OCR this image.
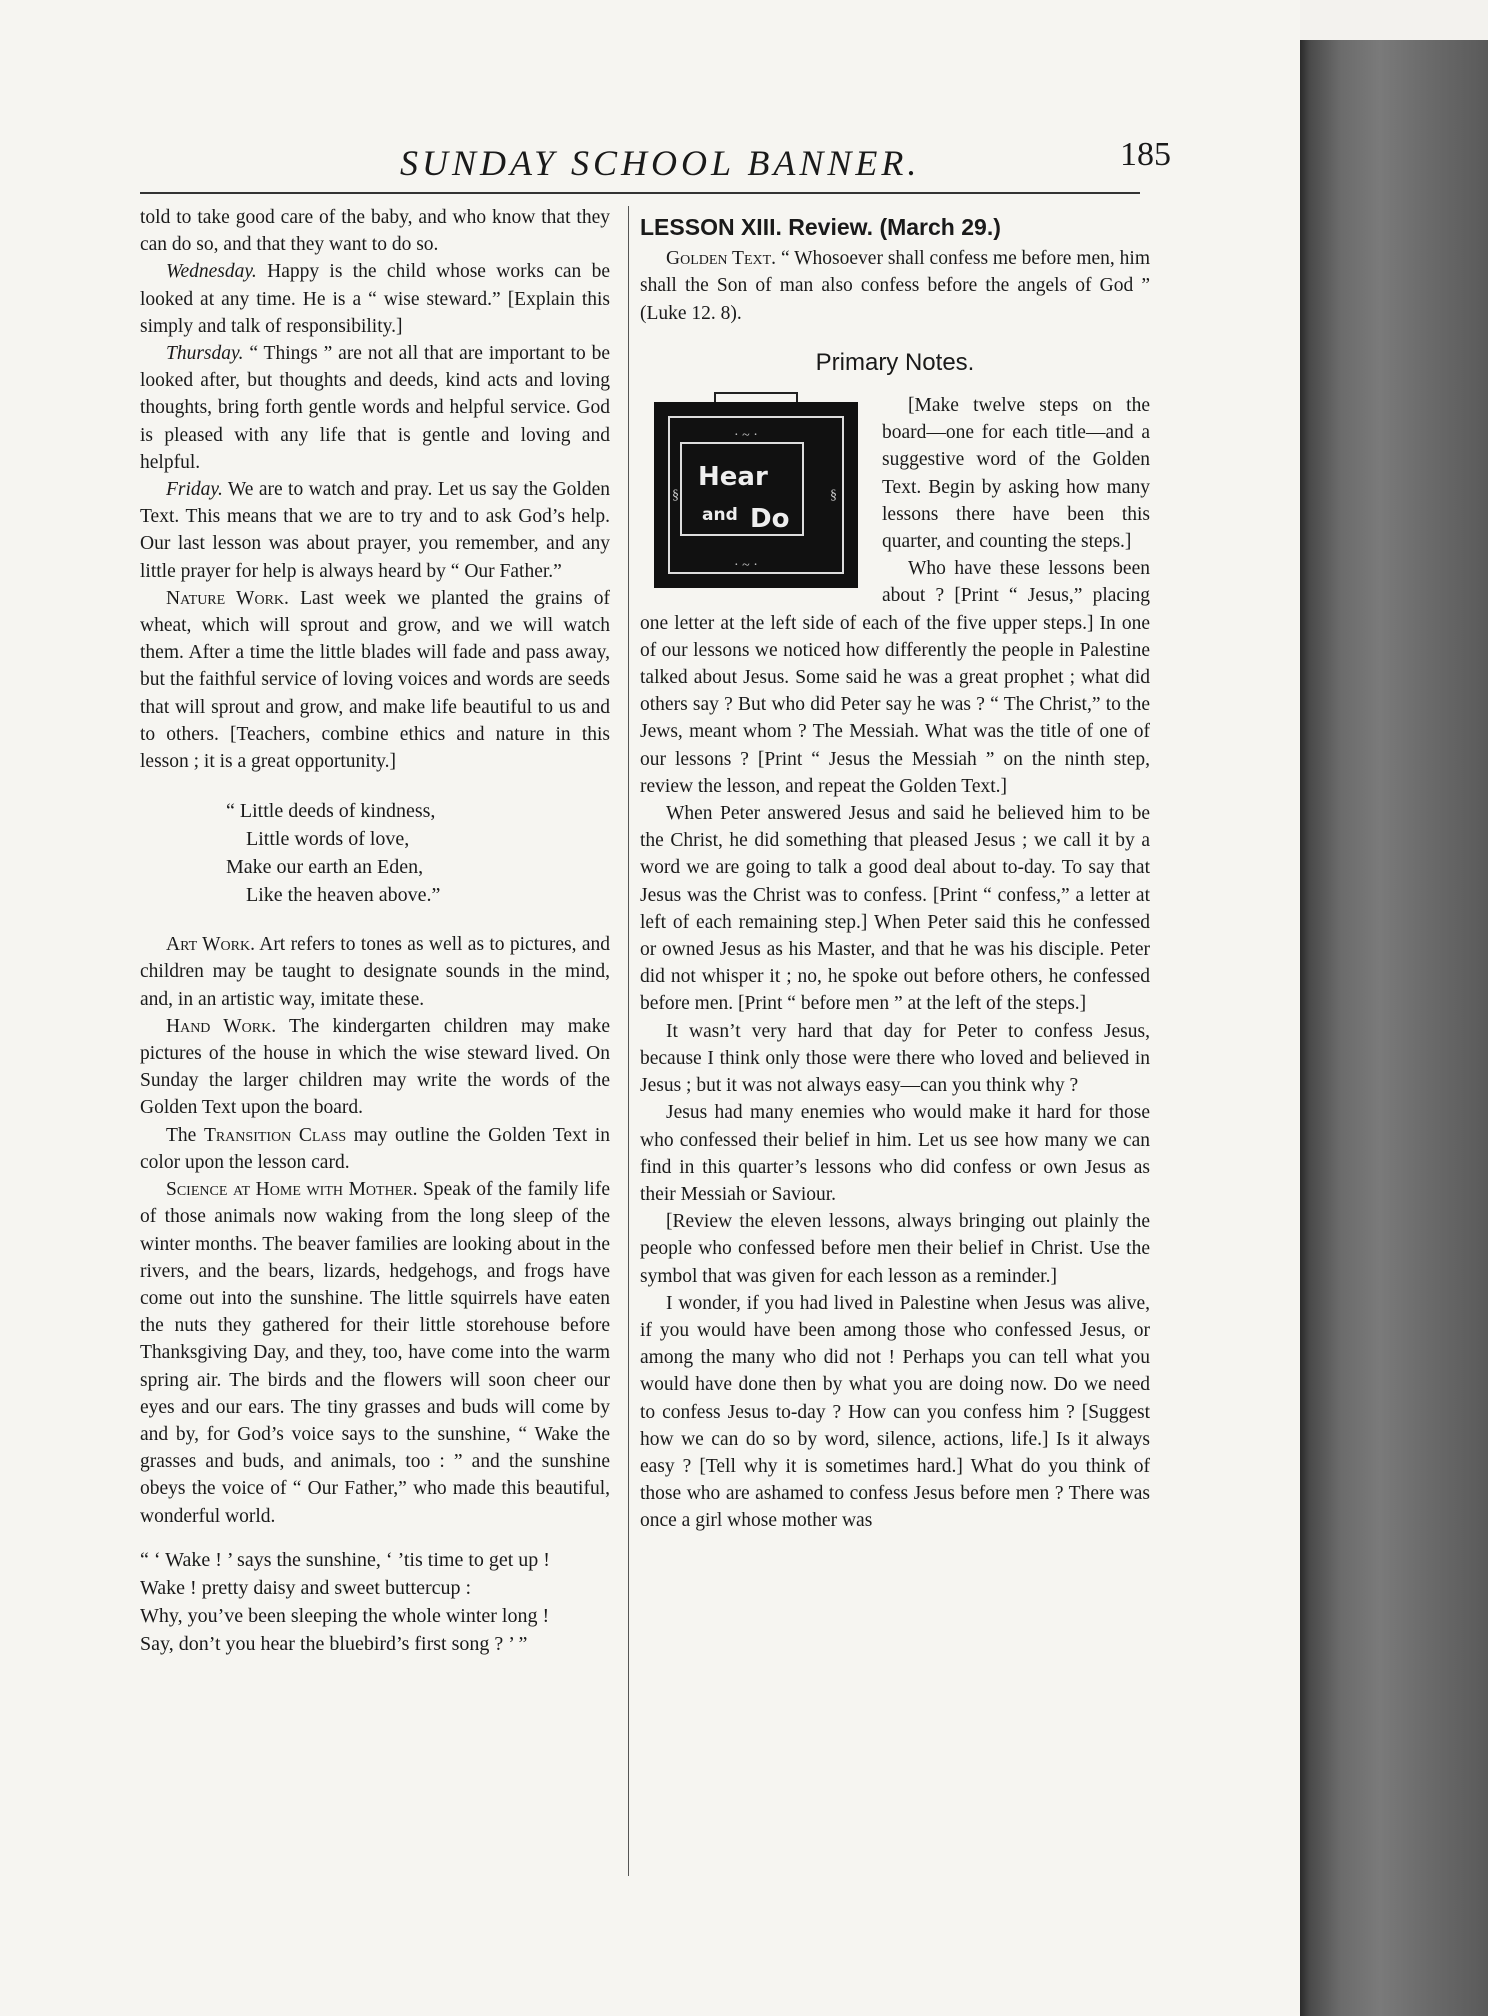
SUNDAY SCHOOL BANNER.	185

told to take good care of the baby, and who know that they can do so, and that they want to do so.

Wednesday. Happy is the child whose works can be looked at any time. He is a “ wise steward.” [Explain this simply and talk of responsibility.]

Thursday. “ Things ” are not all that are important to be looked after, but thoughts and deeds, kind acts and loving thoughts, bring forth gentle words and helpful service. God is pleased with any life that is gentle and loving and helpful.

Friday. We are to watch and pray. Let us say the Golden Text. This means that we are to try and to ask God’s help. Our last lesson was about prayer, you remember, and any little prayer for help is always heard by “ Our Father.”

Nature Work. Last week we planted the grains of wheat, which will sprout and grow, and we will watch them. After a time the little blades will fade and pass away, but the faithful service of loving voices and words are seeds that will sprout and grow, and make life beautiful to us and to others. [Teachers, combine ethics and nature in this lesson ; it is a great opportunity.]

“ Little deeds of kindness,
Little words of love,
Make our earth an Eden,
Like the heaven above.”

Art Work. Art refers to tones as well as to pictures, and children may be taught to designate sounds in the mind, and, in an artistic way, imitate these.

Hand Work. The kindergarten children may make pictures of the house in which the wise steward lived. On Sunday the larger children may write the words of the Golden Text upon the board.

The Transition Class may outline the Golden Text in color upon the lesson card.

Science at Home with Mother. Speak of the family life of those animals now waking from the long sleep of the winter months. The beaver families are looking about in the rivers, and the bears, lizards, hedgehogs, and frogs have come out into the sunshine. The little squirrels have eaten the nuts they gathered for their little storehouse before Thanksgiving Day, and they, too, have come into the warm spring air. The birds and the flowers will soon cheer our eyes and our ears. The tiny grasses and buds will come by and by, for God’s voice says to the sunshine, “ Wake the grasses and buds, and animals, too : ” and the sunshine obeys the voice of “ Our Father,” who made this beautiful, wonderful world.

“ ‘ Wake ! ’ says the sunshine, ‘ ’tis time to get up !
Wake ! pretty daisy and sweet buttercup :
Why, you’ve been sleeping the whole winter long !
Say, don’t you hear the bluebird’s first song ? ’ ”

LESSON XIII. Review. (March 29.)

Golden Text. “ Whosoever shall confess me before men, him shall the Son of man also confess before the angels of God ” (Luke 12. 8).

Primary Notes.

· ~ ·
· ~ ·
§	§
Hear
and Do

[Make twelve steps on the board—one for each title—and a suggestive word of the Golden Text. Begin by asking how many lessons there have been this quarter, and counting the steps.]

Who have these lessons been about ? [Print “ Jesus,” placing one letter at the left side of each of the five upper steps.] In one of our lessons we noticed how differently the people in Palestine talked about Jesus. Some said he was a great prophet ; what did others say ? But who did Peter say he was ? “ The Christ,” to the Jews, meant whom ? The Messiah. What was the title of one of our lessons ? [Print “ Jesus the Messiah ” on the ninth step, review the lesson, and repeat the Golden Text.]

When Peter answered Jesus and said he believed him to be the Christ, he did something that pleased Jesus ; we call it by a word we are going to talk a good deal about to-day. To say that Jesus was the Christ was to confess. [Print “ confess,” a letter at left of each remaining step.] When Peter said this he confessed or owned Jesus as his Master, and that he was his disciple. Peter did not whisper it ; no, he spoke out before others, he confessed before men. [Print “ before men ” at the left of the steps.]

It wasn’t very hard that day for Peter to confess Jesus, because I think only those were there who loved and believed in Jesus ; but it was not always easy—can you think why ?

Jesus had many enemies who would make it hard for those who confessed their belief in him. Let us see how many we can find in this quarter’s lessons who did confess or own Jesus as their Messiah or Saviour.

[Review the eleven lessons, always bringing out plainly the people who confessed before men their belief in Christ. Use the symbol that was given for each lesson as a reminder.]

I wonder, if you had lived in Palestine when Jesus was alive, if you would have been among those who confessed Jesus, or among the many who did not ! Perhaps you can tell what you would have done then by what you are doing now. Do we need to confess Jesus to-day ? How can you confess him ? [Suggest how we can do so by word, silence, actions, life.] Is it always easy ? [Tell why it is sometimes hard.] What do you think of those who are ashamed to confess Jesus before men ? There was once a girl whose mother was
